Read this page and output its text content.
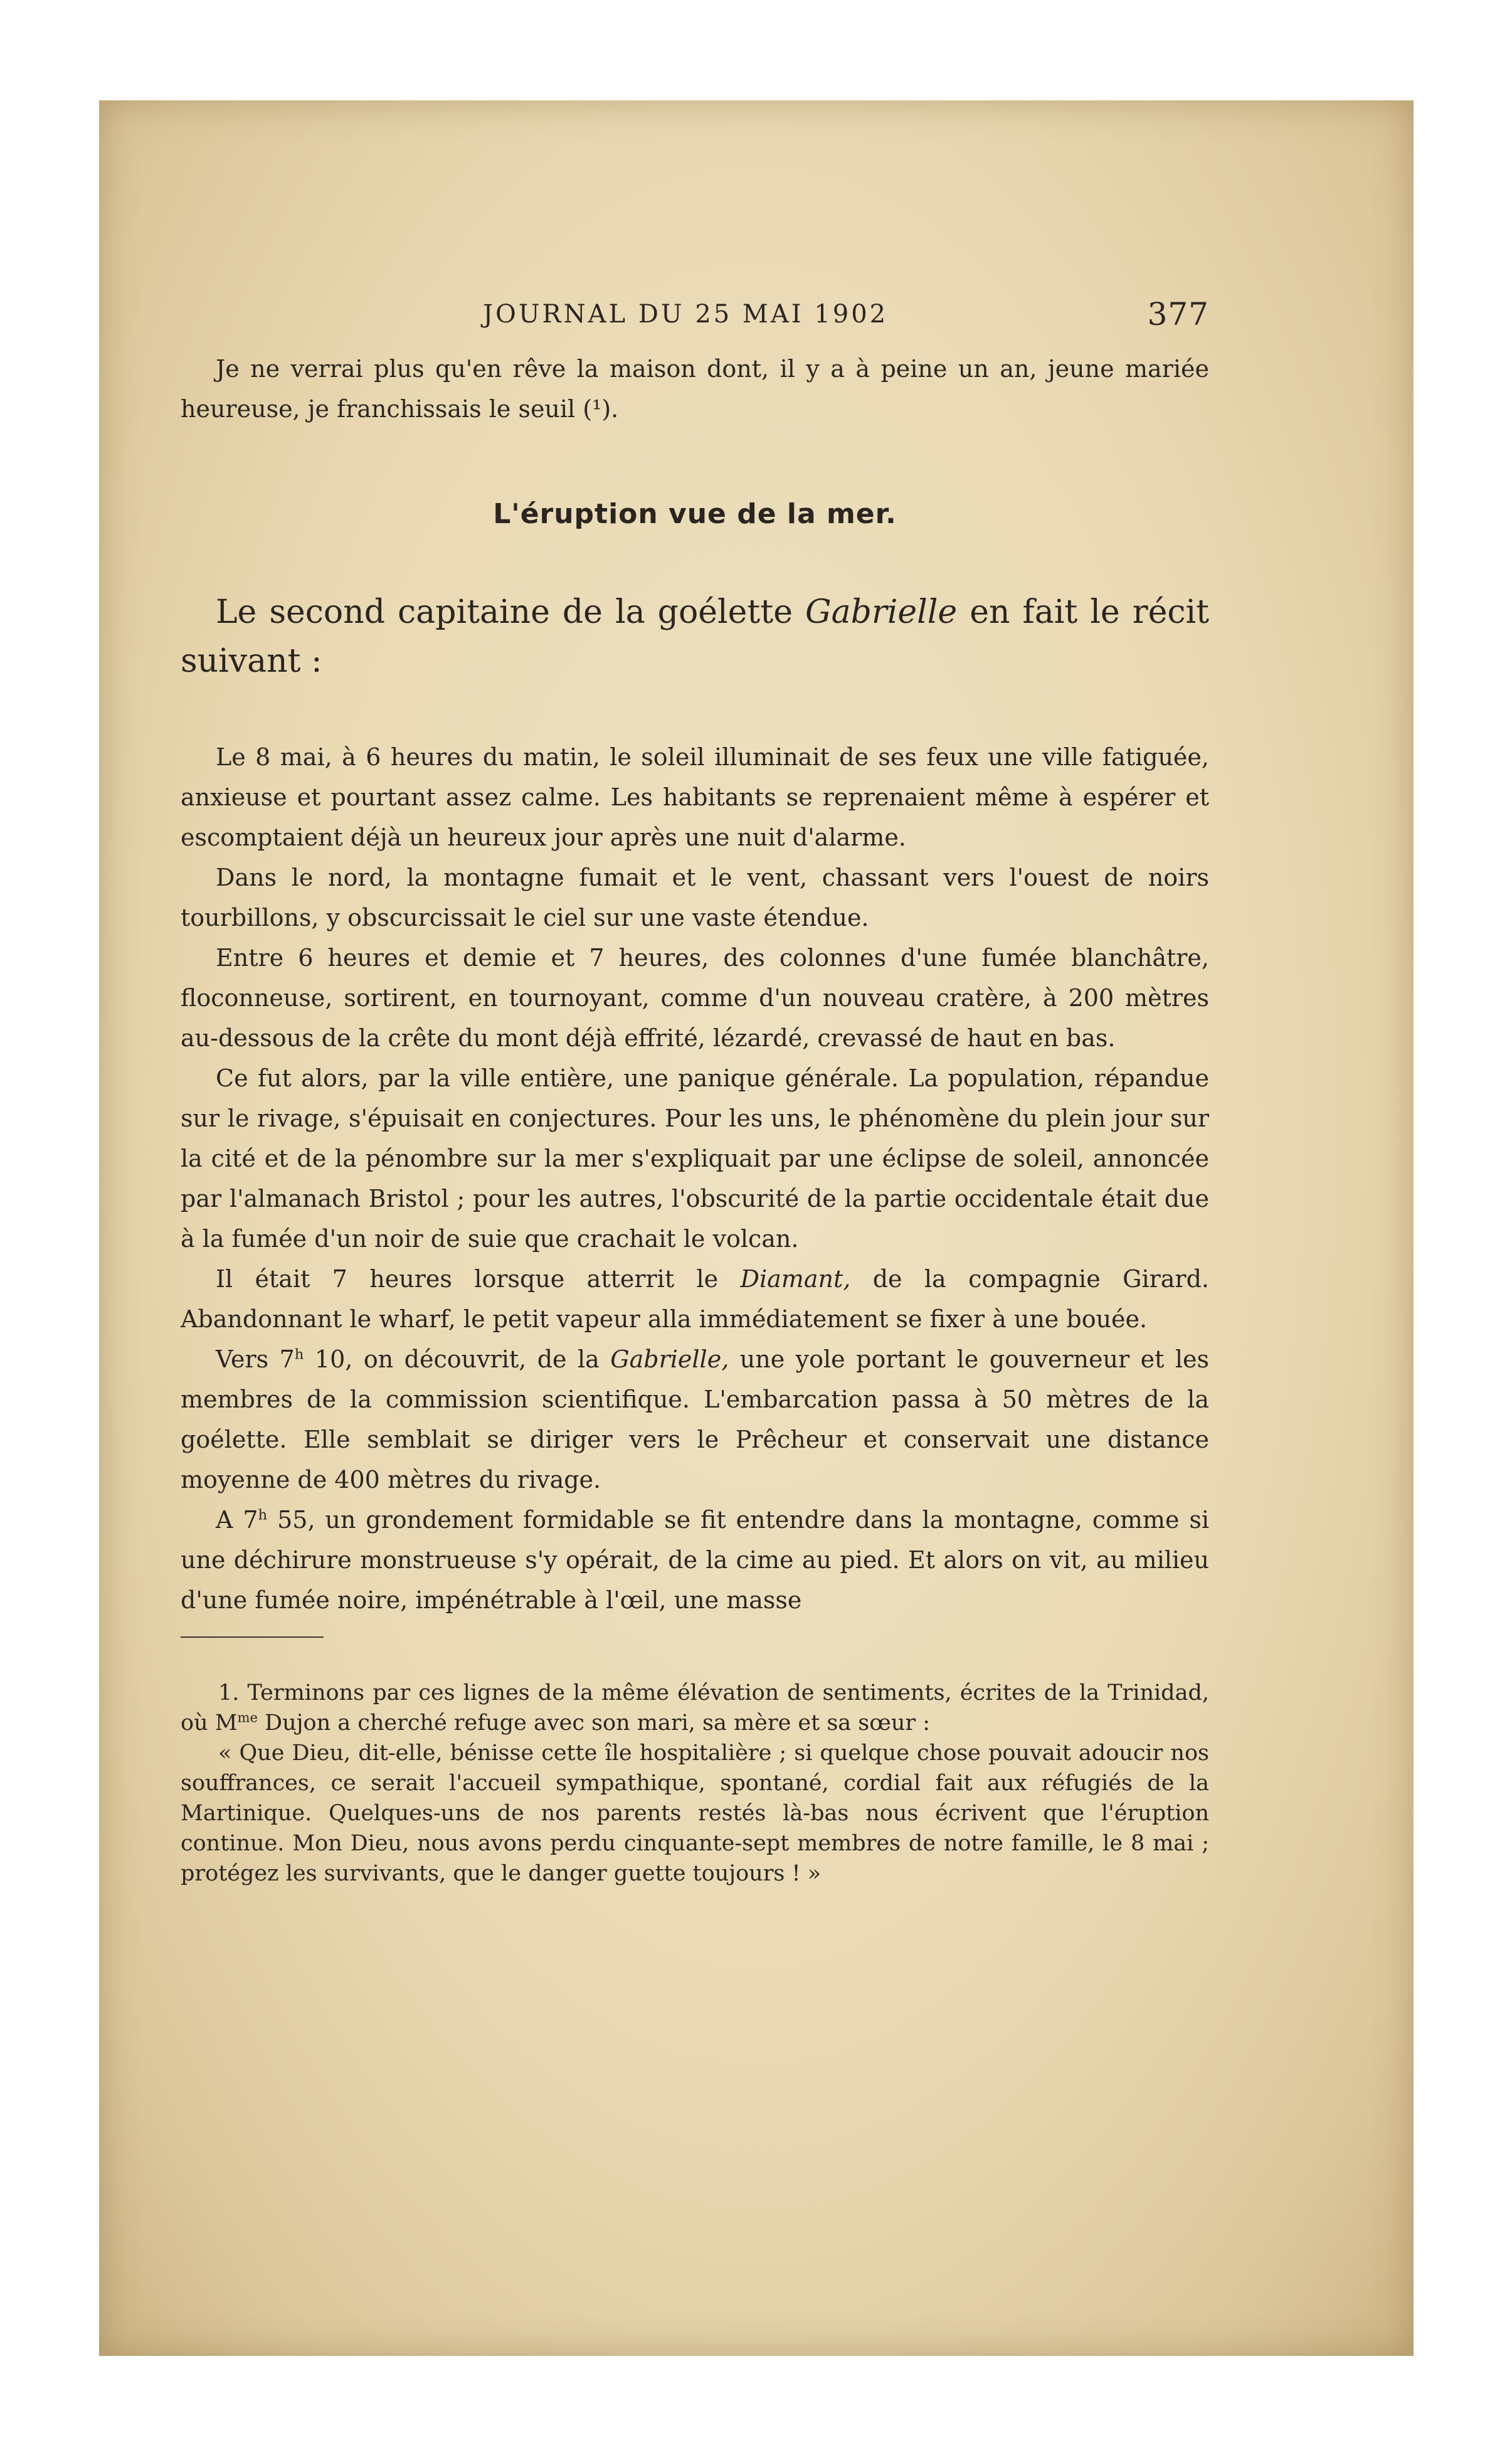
JOURNAL DU 25 MAI 1902	377

Je ne verrai plus qu'en rêve la maison dont, il y a à peine un an, jeune mariée heureuse, je franchissais le seuil (¹).

L'éruption vue de la mer.

Le second capitaine de la goélette Gabrielle en fait le récit suivant :

Le 8 mai, à 6 heures du matin, le soleil illuminait de ses feux une ville fatiguée, anxieuse et pourtant assez calme. Les habitants se reprenaient même à espérer et escomptaient déjà un heureux jour après une nuit d'alarme.

Dans le nord, la montagne fumait et le vent, chassant vers l'ouest de noirs tourbillons, y obscurcissait le ciel sur une vaste étendue.

Entre 6 heures et demie et 7 heures, des colonnes d'une fumée blanchâtre, floconneuse, sortirent, en tournoyant, comme d'un nouveau cratère, à 200 mètres au-dessous de la crête du mont déjà effrité, lézardé, crevassé de haut en bas.

Ce fut alors, par la ville entière, une panique générale. La population, répandue sur le rivage, s'épuisait en conjectures. Pour les uns, le phénomène du plein jour sur la cité et de la pénombre sur la mer s'expliquait par une éclipse de soleil, annoncée par l'almanach Bristol ; pour les autres, l'obscurité de la partie occidentale était due à la fumée d'un noir de suie que crachait le volcan.

Il était 7 heures lorsque atterrit le Diamant, de la compagnie Girard. Abandonnant le wharf, le petit vapeur alla immédiatement se fixer à une bouée.

Vers 7$^h$ 10, on découvrit, de la Gabrielle, une yole portant le gouverneur et les membres de la commission scientifique. L'embarcation passa à 50 mètres de la goélette. Elle semblait se diriger vers le Prêcheur et conservait une distance moyenne de 400 mètres du rivage.

A 7$^h$ 55, un grondement formidable se fit entendre dans la montagne, comme si une déchirure monstrueuse s'y opérait, de la cime au pied. Et alors on vit, au milieu d'une fumée noire, impénétrable à l'œil, une masse

1. Terminons par ces lignes de la même élévation de sentiments, écrites de la Trinidad, où $M^{me}$ Dujon a cherché refuge avec son mari, sa mère et sa sœur :

« Que Dieu, dit-elle, bénisse cette île hospitalière ; si quelque chose pouvait adoucir nos souffrances, ce serait l'accueil sympathique, spontané, cordial fait aux réfugiés de la Martinique. Quelques-uns de nos parents restés là-bas nous écrivent que l'éruption continue. Mon Dieu, nous avons perdu cinquante-sept membres de notre famille, le 8 mai ; protégez les survivants, que le danger guette toujours ! »
